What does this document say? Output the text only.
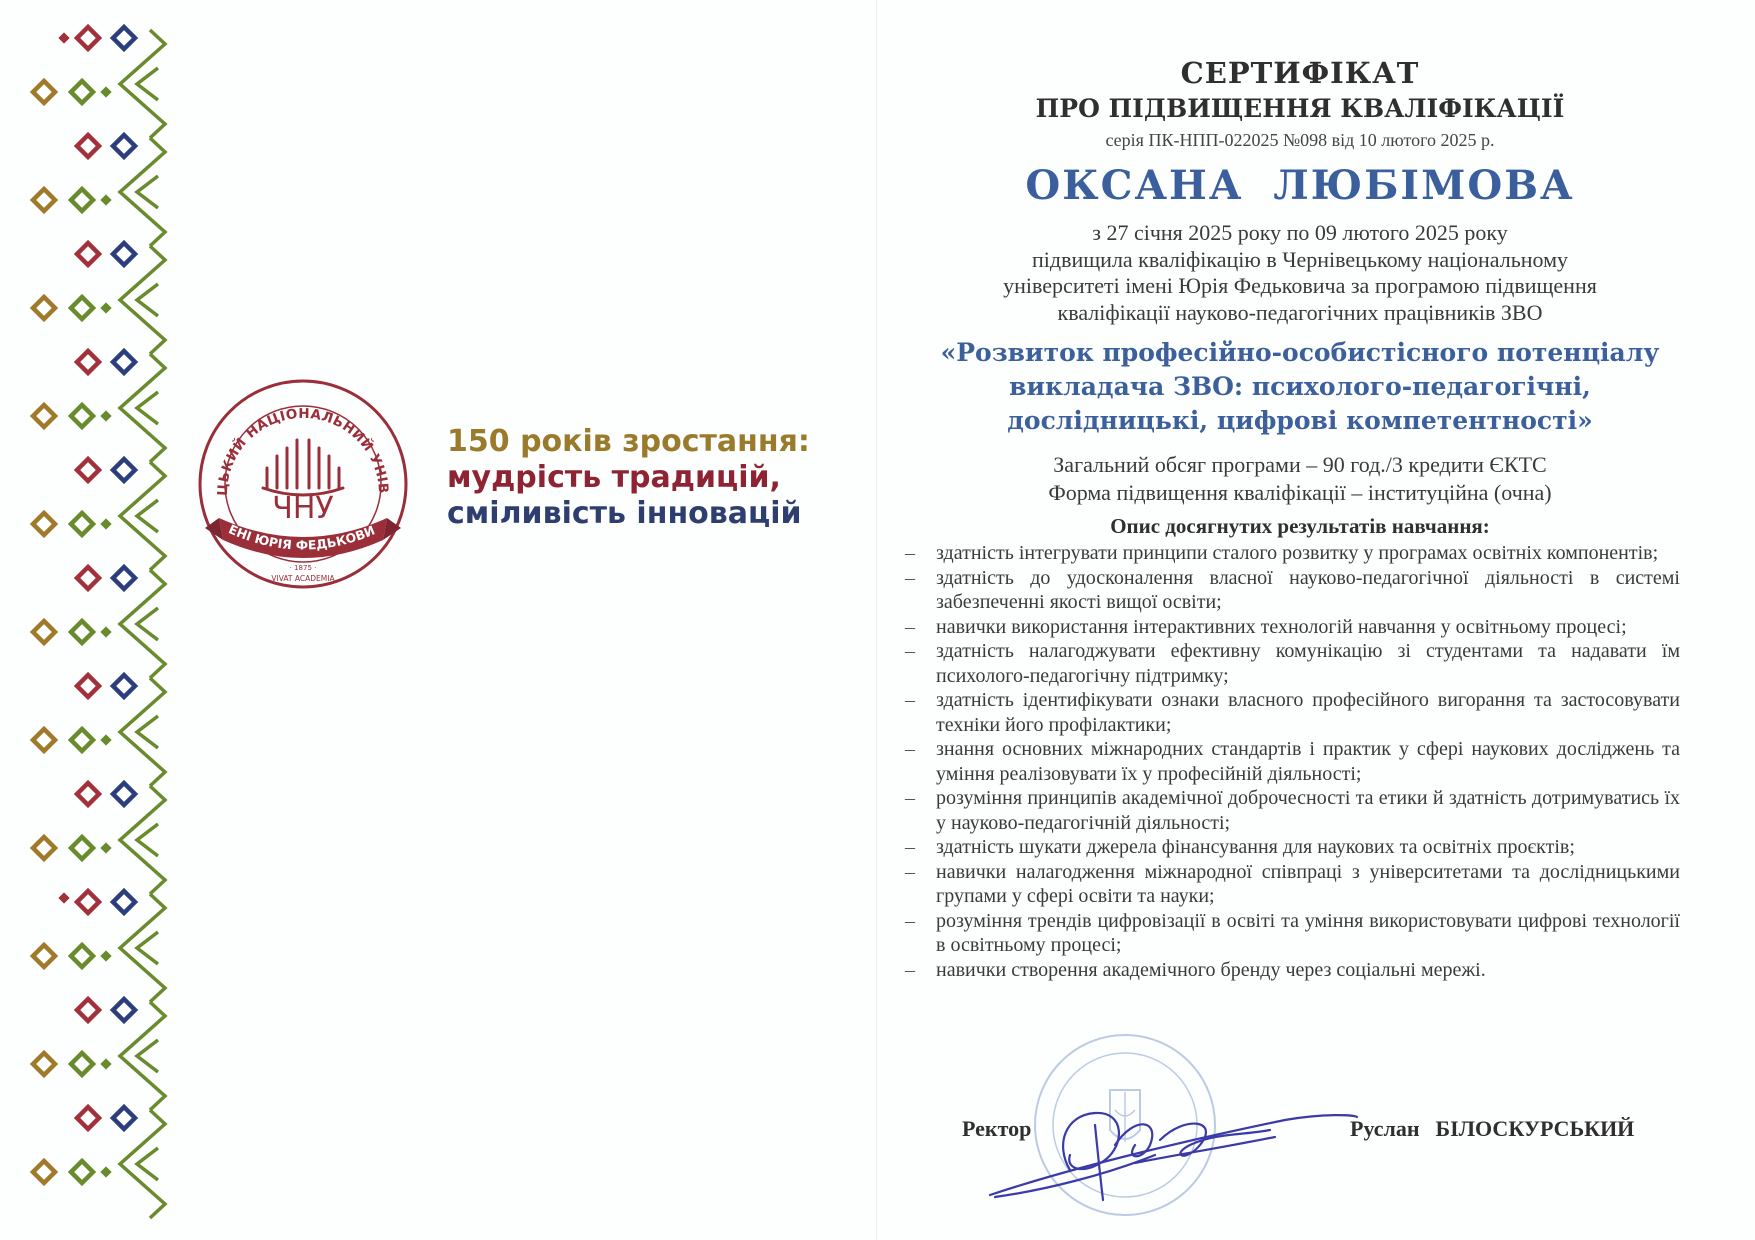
ЦЬКИЙ НАЦІОНАЛЬНИЙ УНІВ
ЕНІ ЮРІЯ ФЕДЬКОВИ
· 1875 ·
VIVAT ACADEMIA
ЧНУ
150 років зростання:
мудрість традицій,
сміливість інновацій
СЕРТИФІКАТ
ПРО ПІДВИЩЕННЯ КВАЛІФІКАЦІЇ
серія ПК-НПП-022025 №098 від 10 лютого 2025 р.
ОКСАНА ЛЮБІМОВА
з 27 січня 2025 року по 09 лютого 2025 року
підвищила кваліфікацію в Чернівецькому національному
університеті імені Юрія Федьковича за програмою підвищення
кваліфікації науково-педагогічних працівників ЗВО
«Розвиток професійно-особистісного потенціалу
викладача ЗВО: психолого-педагогічні,
дослідницькі, цифрові компетентності»
Загальний обсяг програми – 90 год./3 кредити ЄКТС
Форма підвищення кваліфікації – інституційна (очна)
Опис досягнутих результатів навчання:
– здатність інтегрувати принципи сталого розвитку у програмах освітніх компонентів;
– здатність до удосконалення власної науково-педагогічної діяльності в системі забезпеченні якості вищої освіти;
– навички використання інтерактивних технологій навчання у освітньому процесі;
– здатність налагоджувати ефективну комунікацію зі студентами та надавати їм психолого-педагогічну підтримку;
– здатність ідентифікувати ознаки власного професійного вигорання та застосовувати техніки його профілактики;
– знання основних міжнародних стандартів і практик у сфері наукових досліджень та уміння реалізовувати їх у професійній діяльності;
– розуміння принципів академічної доброчесності та етики й здатність дотримуватись їх у науково-педагогічній діяльності;
– здатність шукати джерела фінансування для наукових та освітніх проєктів;
– навички налагодження міжнародної співпраці з університетами та дослідницькими групами у сфері освіти та науки;
– розуміння трендів цифровізації в освіті та уміння використовувати цифрові технології в освітньому процесі;
– навички створення академічного бренду через соціальні мережі.
Ректор	Руслан БІЛОСКУРСЬКИЙ
